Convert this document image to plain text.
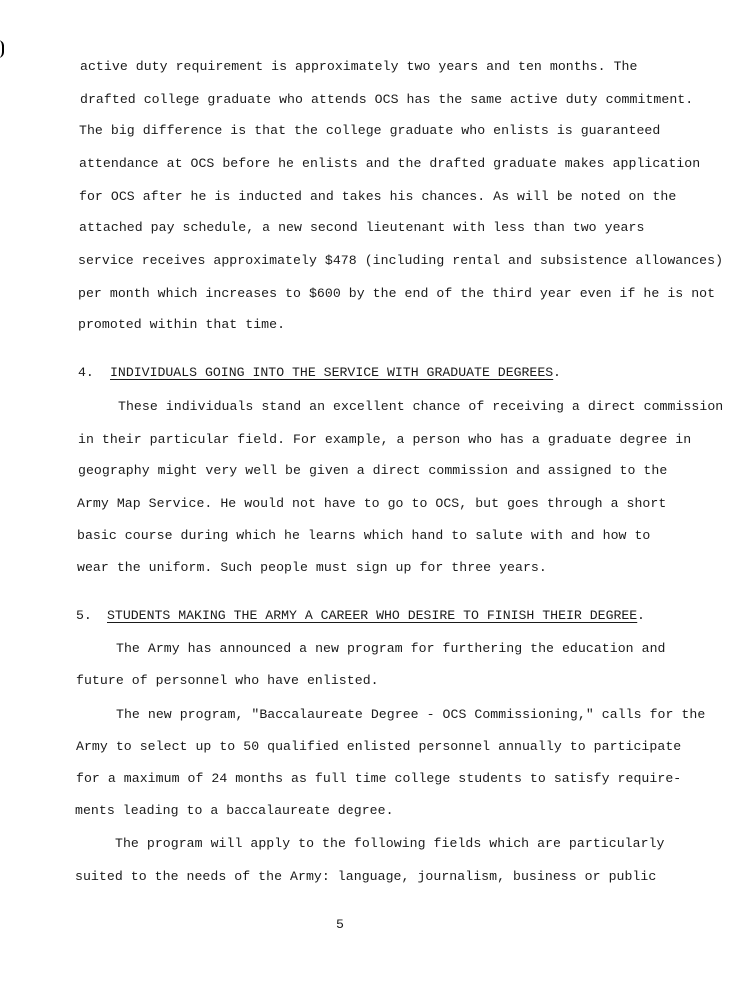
active duty requirement is approximately two years and ten months. The
drafted college graduate who attends OCS has the same active duty commitment.
The big difference is that the college graduate who enlists is guaranteed
attendance at OCS before he enlists and the drafted graduate makes application
for OCS after he is inducted and takes his chances. As will be noted on the
attached pay schedule, a new second lieutenant with less than two years
service receives approximately $478 (including rental and subsistence allowances)
per month which increases to $600 by the end of the third year even if he is not
promoted within that time.
4. INDIVIDUALS GOING INTO THE SERVICE WITH GRADUATE DEGREES .
These individuals stand an excellent chance of receiving a direct commission
in their particular field. For example, a person who has a graduate degree in
geography might very well be given a direct commission and assigned to the
Army Map Service. He would not have to go to OCS, but goes through a short
basic course during which he learns which hand to salute with and how to
wear the uniform. Such people must sign up for three years.
5. STUDENTS MAKING THE ARMY A CAREER WHO DESIRE TO FINISH THEIR DEGREE .
The Army has announced a new program for furthering the education and
future of personnel who have enlisted.
The new program, "Baccalaureate Degree - OCS Commissioning," calls for the
Army to select up to 50 qualified enlisted personnel annually to participate
for a maximum of 24 months as full time college students to satisfy require-
ments leading to a baccalaureate degree.
The program will apply to the following fields which are particularly
suited to the needs of the Army: language, journalism, business or public
5
